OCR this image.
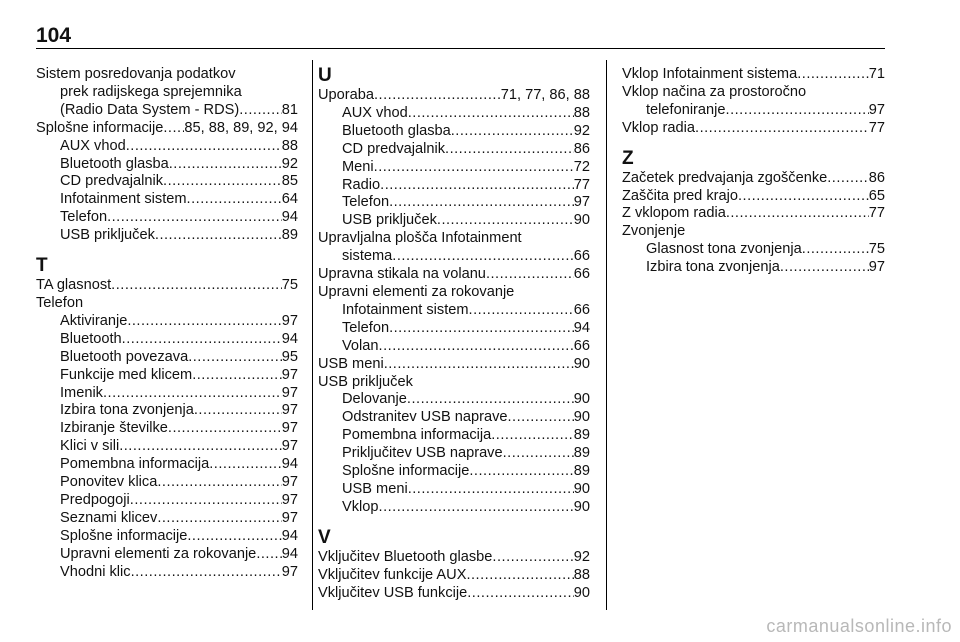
104
Sistem posredovanja podatkov
prek radijskega sprejemnika
(Radio Data System - RDS) .....	81
Splošne informacije ..... 85, 88, 89, 92, 94
AUX vhod .....	88
Bluetooth glasba .....	92
CD predvajalnik .....	85
Infotainment sistem .....	64
Telefon .....	94
USB priključek .....	89
T
TA glasnost .....	75
Telefon
Aktiviranje .....	97
Bluetooth .....	94
Bluetooth povezava .....	95
Funkcije med klicem .....	97
Imenik .....	97
Izbira tona zvonjenja .....	97
Izbiranje številke .....	97
Klici v sili .....	97
Pomembna informacija .....	94
Ponovitev klica .....	97
Predpogoji .....	97
Seznami klicev .....	97
Splošne informacije .....	94
Upravni elementi za rokovanje ..... 94
Vhodni klic .....	97
U
Uporaba .....	71, 77, 86, 88
AUX vhod .....	88
Bluetooth glasba .....	92
CD predvajalnik .....	86
Meni .....	72
Radio .....	77
Telefon .....	97
USB priključek .....	90
Upravljalna plošča Infotainment
sistema .....	66
Upravna stikala na volanu .....	66
Upravni elementi za rokovanje
Infotainment sistem .....	66
Telefon .....	94
Volan .....	66
USB meni .....	90
USB priključek
Delovanje .....	90
Odstranitev USB naprave .....	90
Pomembna informacija .....	89
Priključitev USB naprave .....	89
Splošne informacije .....	89
USB meni .....	90
Vklop .....	90
V
Vključitev Bluetooth glasbe .....	92
Vključitev funkcije AUX .....	88
Vključitev USB funkcije .....	90
Vklop Infotainment sistema .....	71
Vklop načina za prostoročno
telefoniranje .....	97
Vklop radia .....	77
Z
Začetek predvajanja zgoščenke .....	86
Zaščita pred krajo .....	65
Z vklopom radia .....	77
Zvonjenje
Glasnost tona zvonjenja .....	75
Izbira tona zvonjenja .....	97
carmanualsonline.info
